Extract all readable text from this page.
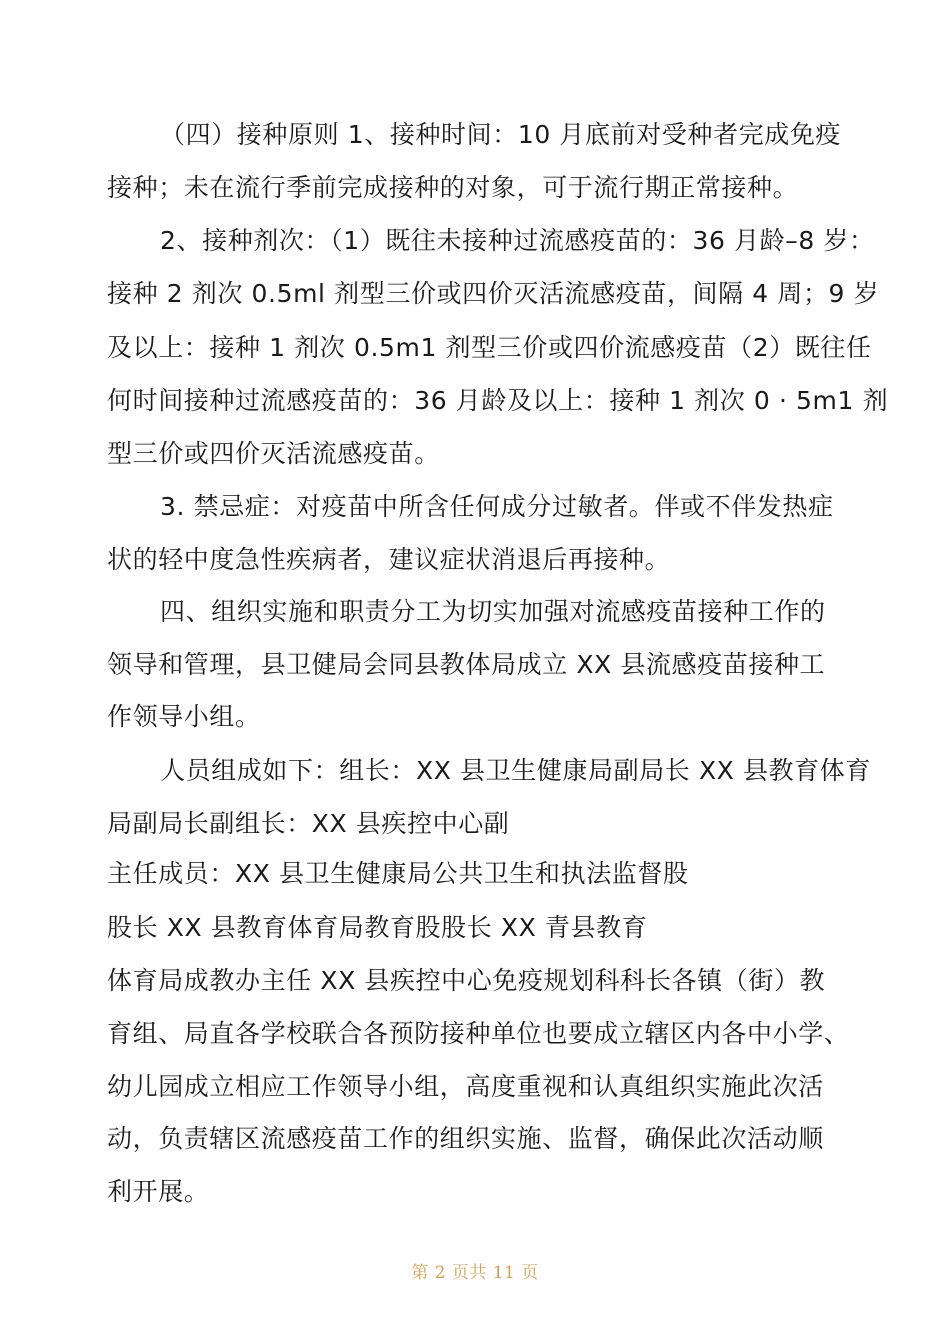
（四）接种原则 1、接种时间：10 月底前对受种者完成免疫
接种；未在流行季前完成接种的对象，可于流行期正常接种。
2、接种剂次：（1）既往未接种过流感疫苗的：36 月龄–8 岁：
接种 2 剂次 0.5ml 剂型三价或四价灭活流感疫苗，间隔 4 周；9 岁
及以上：接种 1 剂次 0.5m1 剂型三价或四价流感疫苗（2）既往任
何时间接种过流感疫苗的：36 月龄及以上：接种 1 剂次 0 · 5m1 剂
型三价或四价灭活流感疫苗。
3. 禁忌症：对疫苗中所含任何成分过敏者。伴或不伴发热症
状的轻中度急性疾病者，建议症状消退后再接种。
四、组织实施和职责分工为切实加强对流感疫苗接种工作的
领导和管理，县卫健局会同县教体局成立 XX 县流感疫苗接种工
作领导小组。
人员组成如下：组长：XX 县卫生健康局副局长 XX 县教育体育
局副局长副组长：XX 县疾控中心副
主任成员：XX 县卫生健康局公共卫生和执法监督股
股长 XX 县教育体育局教育股股长 XX 青县教育
体育局成教办主任 XX 县疾控中心免疫规划科科长各镇（街）教
育组、局直各学校联合各预防接种单位也要成立辖区内各中小学、
幼儿园成立相应工作领导小组，高度重视和认真组织实施此次活
动，负责辖区流感疫苗工作的组织实施、监督，确保此次活动顺
利开展。
第 2 页共 11 页
